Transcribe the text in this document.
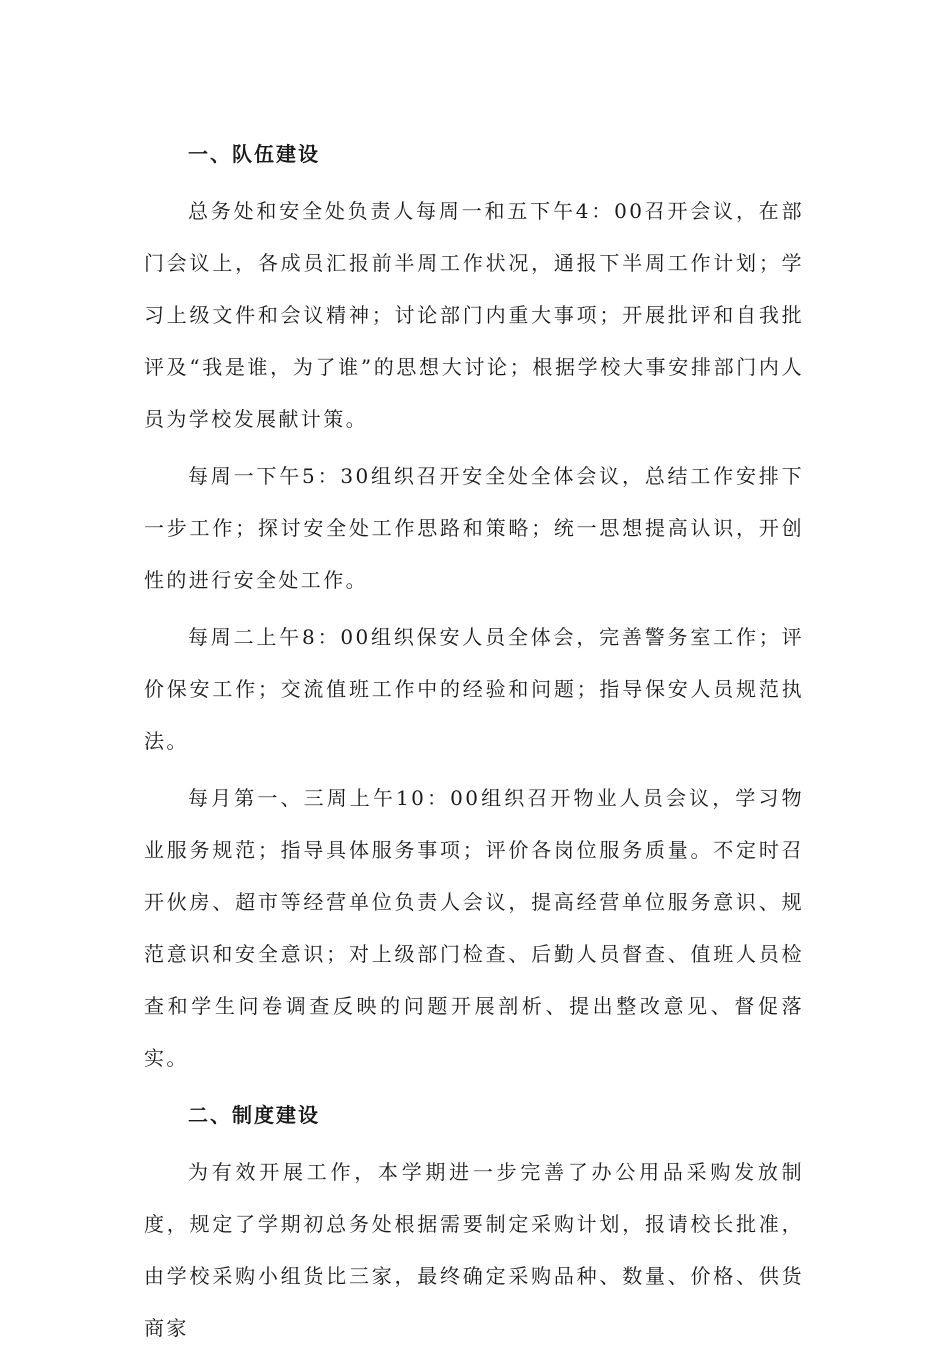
一、队伍建设

总务处和安全处负责人每周一和五下午4：00召开会议，在部门会议上，各成员汇报前半周工作状况，通报下半周工作计划；学习上级文件和会议精神；讨论部门内重大事项；开展批评和自我批评及“我是谁，为了谁”的思想大讨论；根据学校大事安排部门内人员为学校发展献计策。

每周一下午5：30组织召开安全处全体会议，总结工作安排下一步工作；探讨安全处工作思路和策略；统一思想提高认识，开创性的进行安全处工作。

每周二上午8：00组织保安人员全体会，完善警务室工作；评价保安工作；交流值班工作中的经验和问题；指导保安人员规范执法。

每月第一、三周上午10：00组织召开物业人员会议，学习物业服务规范；指导具体服务事项；评价各岗位服务质量。不定时召开伙房、超市等经营单位负责人会议，提高经营单位服务意识、规范意识和安全意识；对上级部门检查、后勤人员督查、值班人员检查和学生问卷调查反映的问题开展剖析、提出整改意见、督促落实。

二、制度建设

为有效开展工作，本学期进一步完善了办公用品采购发放制度，规定了学期初总务处根据需要制定采购计划，报请校长批准，由学校采购小组货比三家，最终确定采购品种、数量、价格、供货商家
